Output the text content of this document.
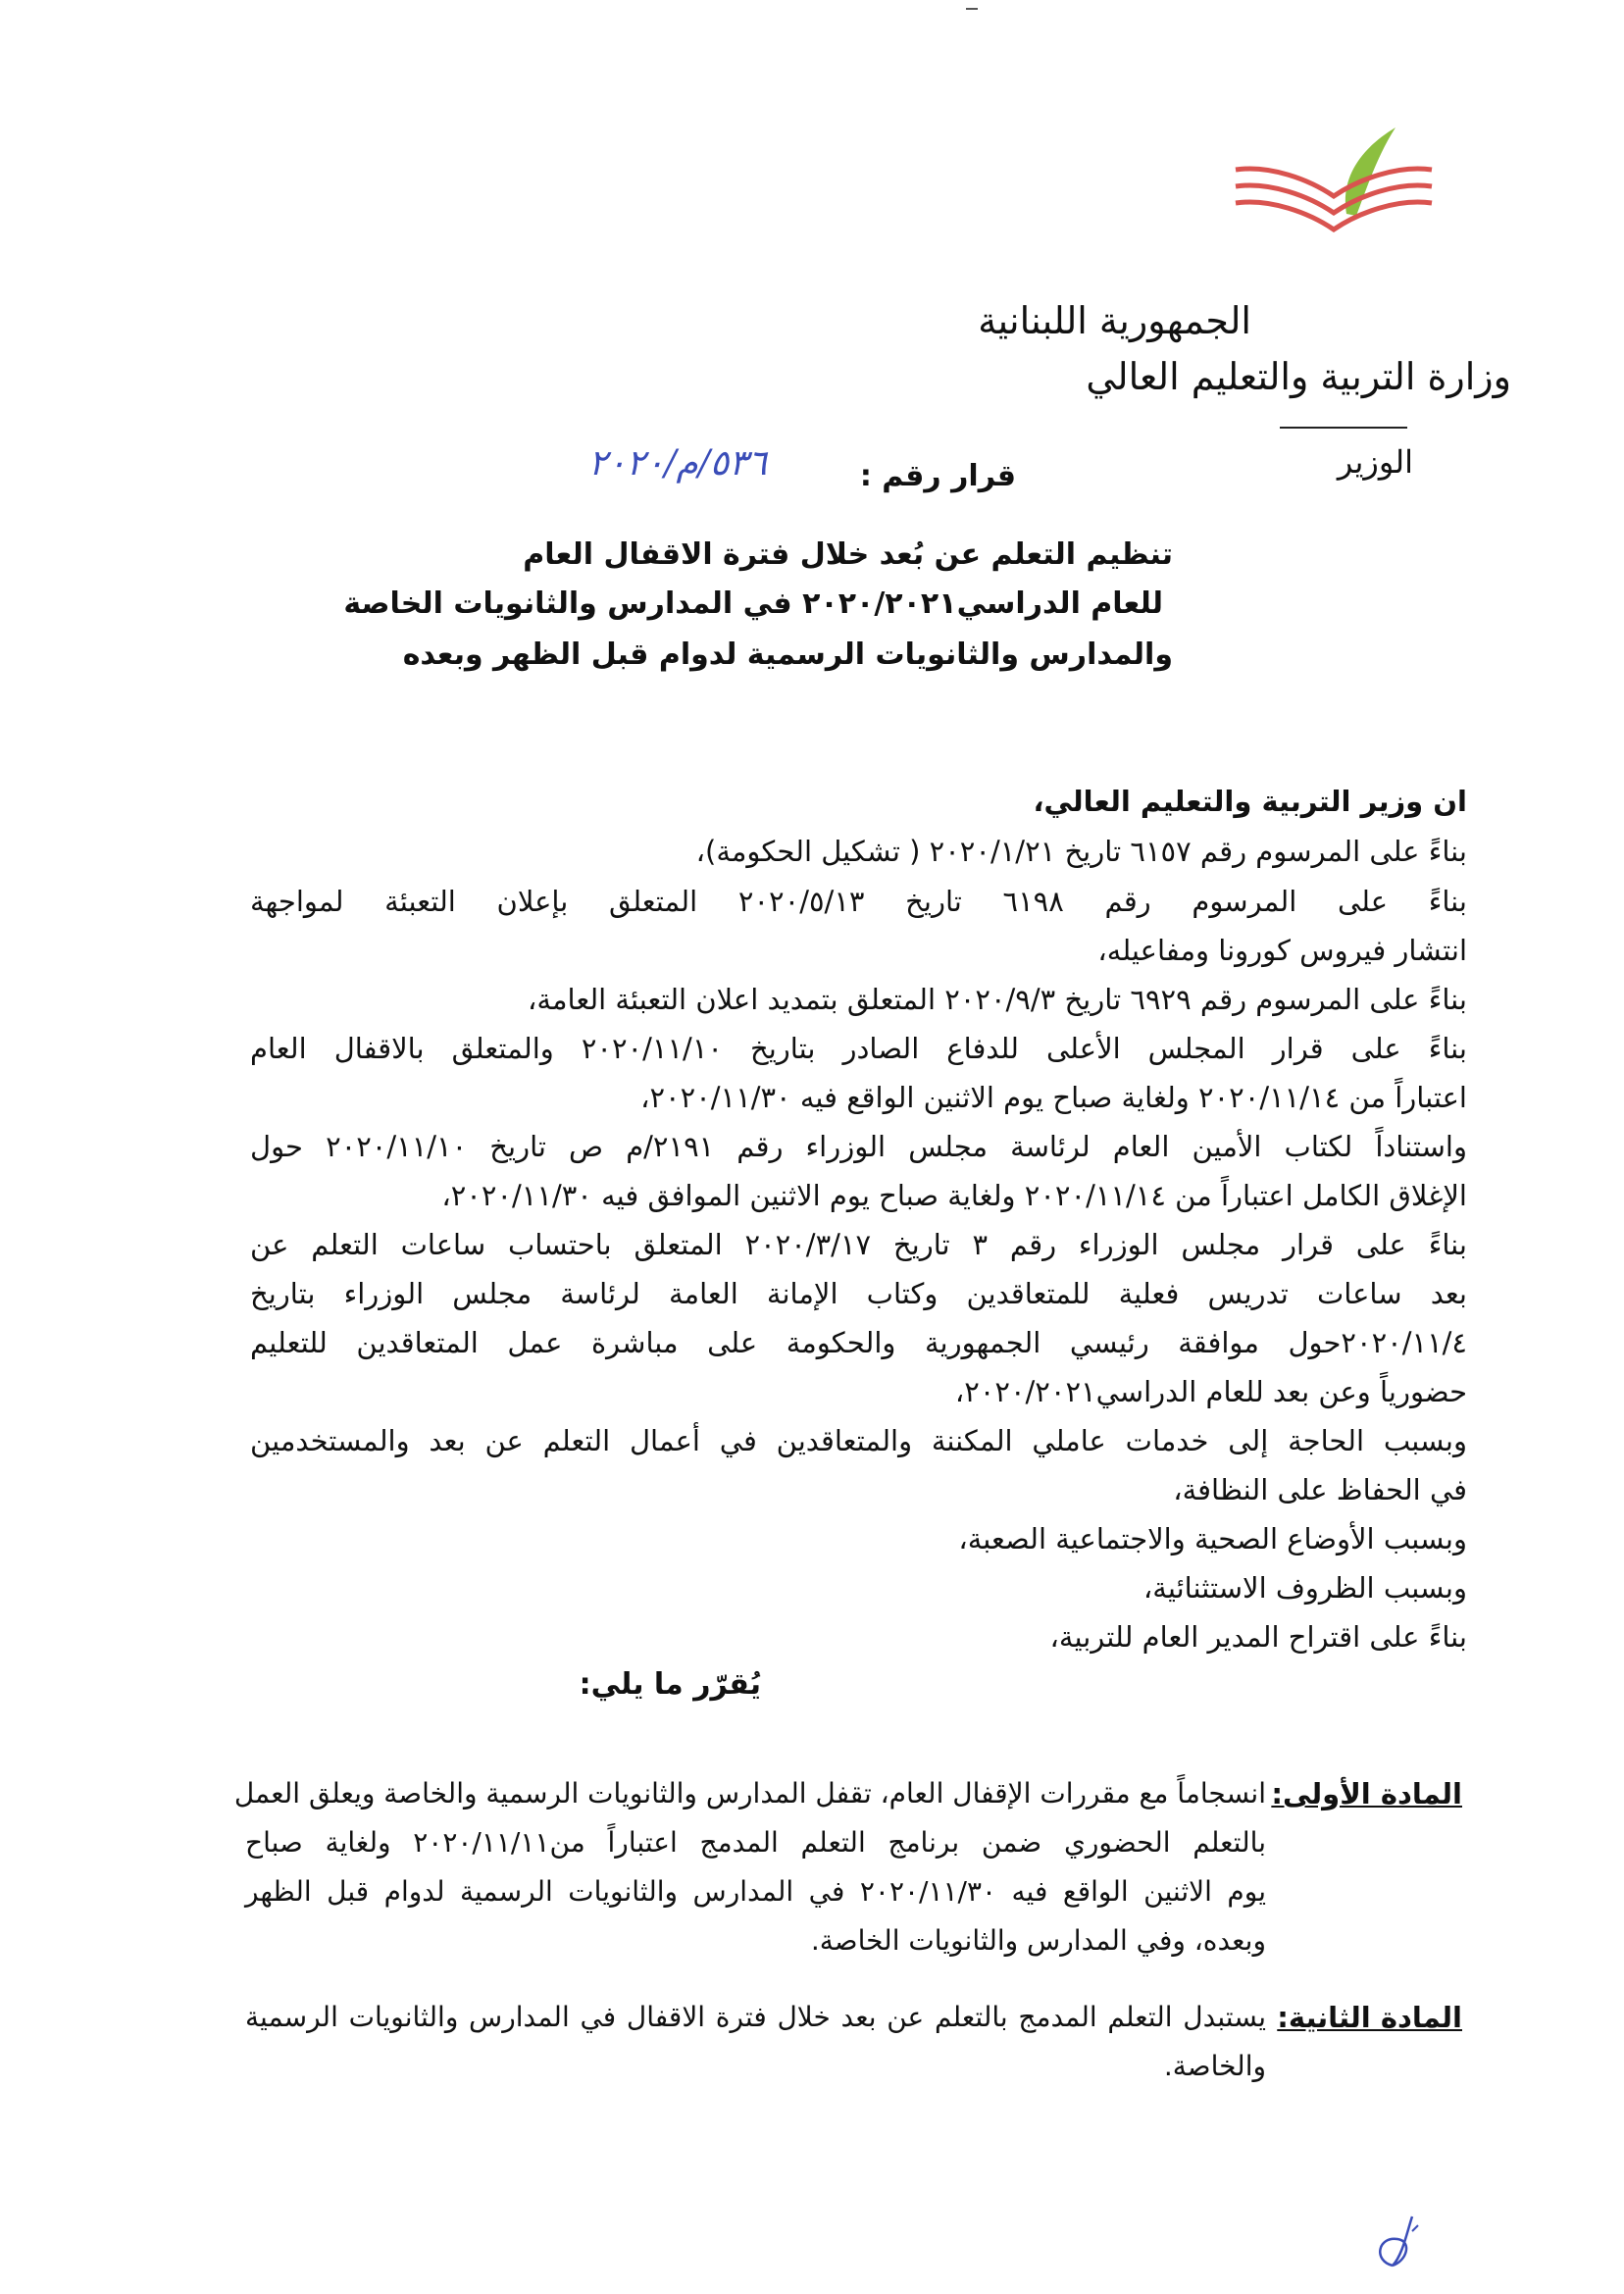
الجمهورية اللبنانية
وزارة التربية والتعليم العالي
الوزير
قرار رقم :
٥٣٦/م/٢٠٢٠
تنظيم التعلم عن بُعد خلال فترة الاقفال العام
للعام الدراسي٢٠٢٠/٢٠٢١ في المدارس والثانويات الخاصة
والمدارس والثانويات الرسمية لدوام قبل الظهر وبعده
ان وزير التربية والتعليم العالي،
بناءً على المرسوم رقم ٦١٥٧ تاريخ ٢٠٢٠/١/٢١ ( تشكيل الحكومة)،
بناءً على المرسوم رقم ٦١٩٨ تاريخ ٢٠٢٠/٥/١٣ المتعلق بإعلان التعبئة لمواجهة
انتشار فيروس كورونا ومفاعيله،
بناءً على المرسوم رقم ٦٩٢٩ تاريخ ٢٠٢٠/٩/٣ المتعلق بتمديد اعلان التعبئة العامة،
بناءً على قرار المجلس الأعلى للدفاع الصادر بتاريخ ٢٠٢٠/١١/١٠ والمتعلق بالاقفال العام
اعتباراً من ٢٠٢٠/١١/١٤ ولغاية صباح يوم الاثنين الواقع فيه ٢٠٢٠/١١/٣٠،
واستناداً لكتاب الأمين العام لرئاسة مجلس الوزراء رقم ٢١٩١/م ص تاريخ ٢٠٢٠/١١/١٠ حول
الإغلاق الكامل اعتباراً من ٢٠٢٠/١١/١٤ ولغاية صباح يوم الاثنين الموافق فيه ٢٠٢٠/١١/٣٠،
بناءً على قرار مجلس الوزراء رقم ٣ تاريخ ٢٠٢٠/٣/١٧ المتعلق باحتساب ساعات التعلم عن
بعد ساعات تدريس فعلية للمتعاقدين وكتاب الإمانة العامة لرئاسة مجلس الوزراء بتاريخ
٢٠٢٠/١١/٤حول موافقة رئيسي الجمهورية والحكومة على مباشرة عمل المتعاقدين للتعليم
حضورياً وعن بعد للعام الدراسي٢٠٢٠/٢٠٢١،
وبسبب الحاجة إلى خدمات عاملي المكننة والمتعاقدين في أعمال التعلم عن بعد والمستخدمين
في الحفاظ على النظافة،
وبسبب الأوضاع الصحية والاجتماعية الصعبة،
وبسبب الظروف الاستثنائية،
بناءً على اقتراح المدير العام للتربية،
يُقرّر ما يلي:
المادة الأولى:
انسجاماً مع مقررات الإقفال العام، تقفل المدارس والثانويات الرسمية والخاصة ويعلق العمل
بالتعلم الحضوري ضمن برنامج التعلم المدمج اعتباراً من٢٠٢٠/١١/١١ ولغاية صباح
يوم الاثنين الواقع فيه ٢٠٢٠/١١/٣٠ في المدارس والثانويات الرسمية لدوام قبل الظهر
وبعده، وفي المدارس والثانويات الخاصة.
المادة الثانية:
يستبدل التعلم المدمج بالتعلم عن بعد خلال فترة الاقفال في المدارس والثانويات الرسمية
والخاصة.
